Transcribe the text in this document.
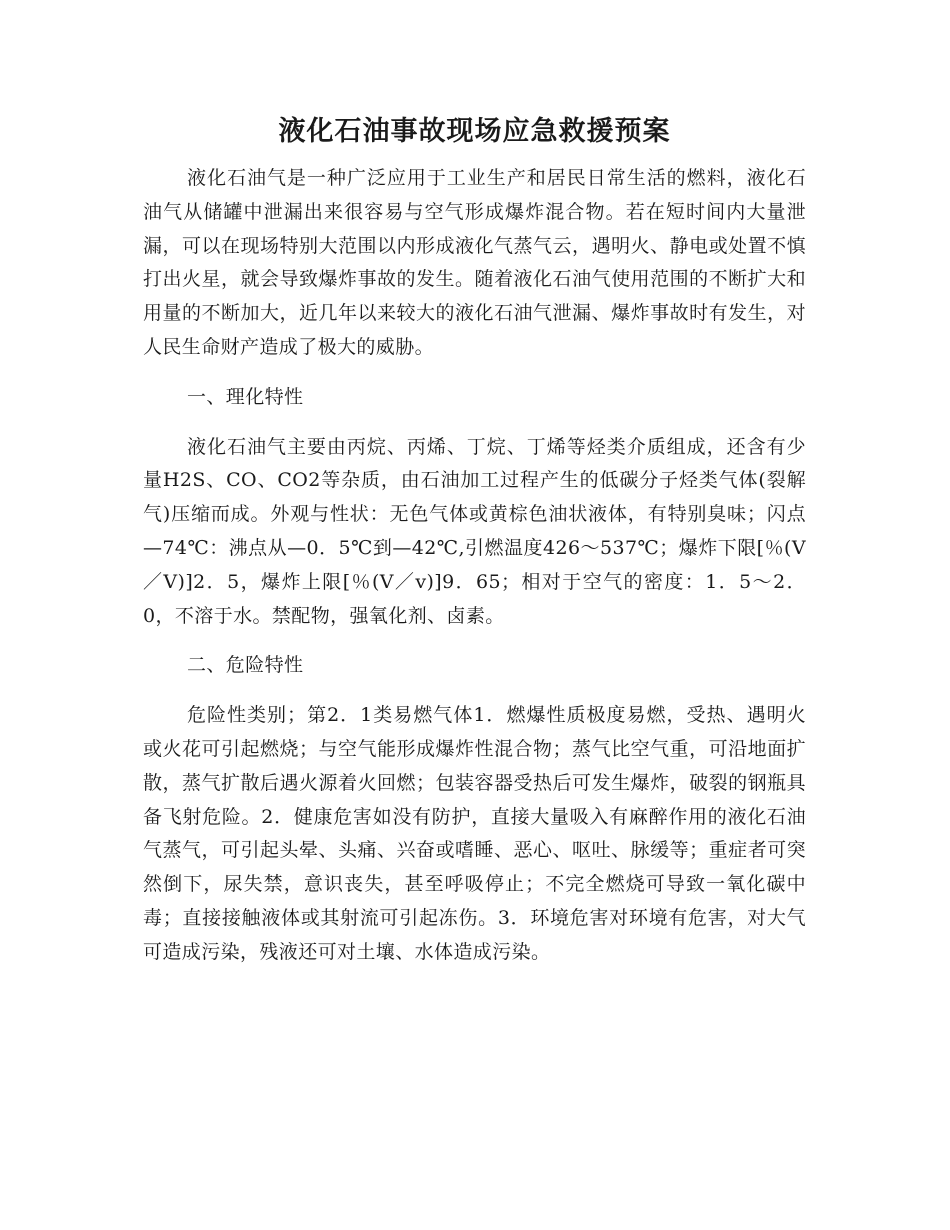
液化石油事故现场应急救援预案

液化石油气是一种广泛应用于工业生产和居民日常生活的燃料，液化石油气从储罐中泄漏出来很容易与空气形成爆炸混合物。若在短时间内大量泄漏，可以在现场特别大范围以内形成液化气蒸气云，遇明火、静电或处置不慎打出火星，就会导致爆炸事故的发生。随着液化石油气使用范围的不断扩大和用量的不断加大，近几年以来较大的液化石油气泄漏、爆炸事故时有发生，对人民生命财产造成了极大的威胁。

一、理化特性

液化石油气主要由丙烷、丙烯、丁烷、丁烯等烃类介质组成，还含有少量H2S、CO、CO2等杂质，由石油加工过程产生的低碳分子烃类气体(裂解气)压缩而成。外观与性状：无色气体或黄棕色油状液体，有特别臭味；闪点—74℃：沸点从—0．5℃到—42℃,引燃温度426～537℃；爆炸下限[％(V／V)]2．5，爆炸上限[％(V／v)]9．65；相对于空气的密度：1．5～2．0，不溶于水。禁配物，强氧化剂、卤素。

二、危险特性

危险性类别；第2．1类易燃气体1．燃爆性质极度易燃，受热、遇明火或火花可引起燃烧；与空气能形成爆炸性混合物；蒸气比空气重，可沿地面扩散，蒸气扩散后遇火源着火回燃；包装容器受热后可发生爆炸，破裂的钢瓶具备飞射危险。2．健康危害如没有防护，直接大量吸入有麻醉作用的液化石油气蒸气，可引起头晕、头痛、兴奋或嗜睡、恶心、呕吐、脉缓等；重症者可突然倒下，尿失禁，意识丧失，甚至呼吸停止；不完全燃烧可导致一氧化碳中毒；直接接触液体或其射流可引起冻伤。3．环境危害对环境有危害，对大气可造成污染，残液还可对土壤、水体造成污染。
